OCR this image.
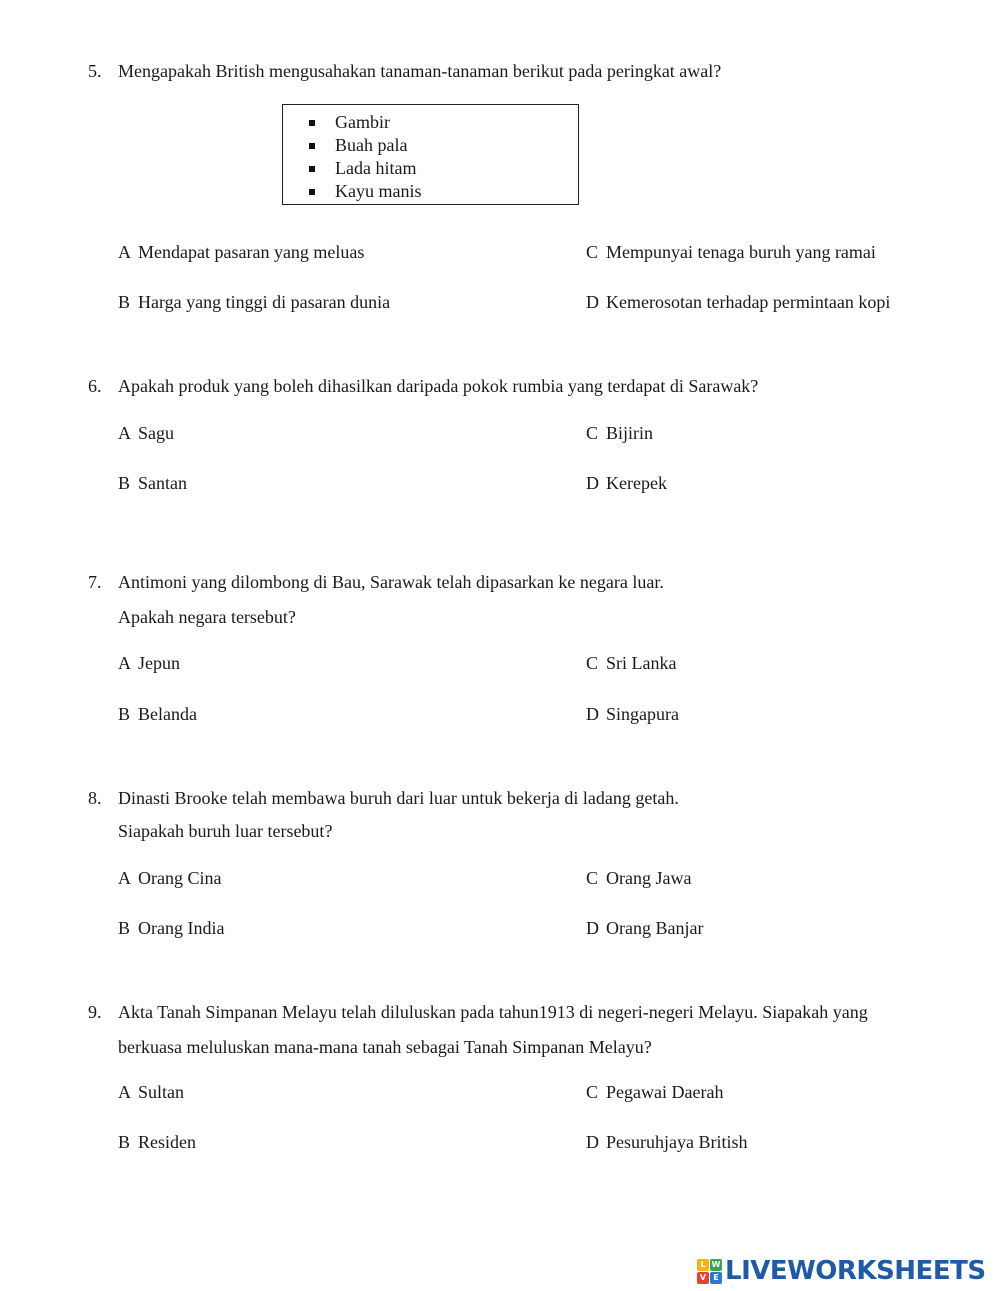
5. Mengapakah British mengusahakan tanaman-tanaman berikut pada peringkat awal?
Gambir
Buah pala
Lada hitam
Kayu manis
A Mendapat pasaran yang meluas
B Harga yang tinggi di pasaran dunia
C Mempunyai tenaga buruh yang ramai
D Kemerosotan terhadap permintaan kopi
6. Apakah produk yang boleh dihasilkan daripada pokok rumbia yang terdapat di Sarawak?
A Sagu
B Santan
C Bijirin
D Kerepek
7. Antimoni yang dilombong di Bau, Sarawak telah dipasarkan ke negara luar.
Apakah negara tersebut?
A Jepun
B Belanda
C Sri Lanka
D Singapura
8. Dinasti Brooke telah membawa buruh dari luar untuk bekerja di ladang getah.
Siapakah buruh luar tersebut?
A Orang Cina
B Orang India
C Orang Jawa
D Orang Banjar
9. Akta Tanah Simpanan Melayu telah diluluskan pada tahun1913 di negeri-negeri Melayu. Siapakah yang
berkuasa meluluskan mana-mana tanah sebagai Tanah Simpanan Melayu?
A Sultan
B Residen
C Pegawai Daerah
D Pesuruhjaya British
L W
V E LIVEWORKSHEETS
